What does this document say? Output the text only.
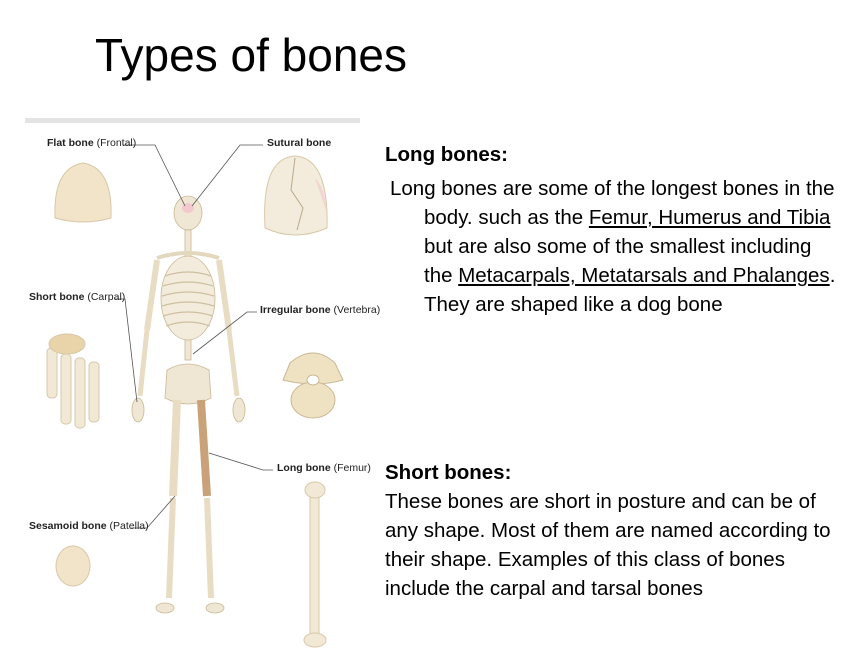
Types of bones
Flat bone (Frontal)	Sutural bone
Short bone (Carpal)
Irregular bone (Vertebra)
Long bone (Femur)
Sesamoid bone (Patella)
Long bones:

Long bones are some of the longest bones in the body. such as the Femur, Humerus and Tibia but are also some of the smallest including the Metacarpals, Metatarsals and Phalanges. They are shaped like a dog bone

Short bones:

These bones are short in posture and can be of any shape. Most of them are named according to their shape. Examples of this class of bones include the carpal and tarsal bones
